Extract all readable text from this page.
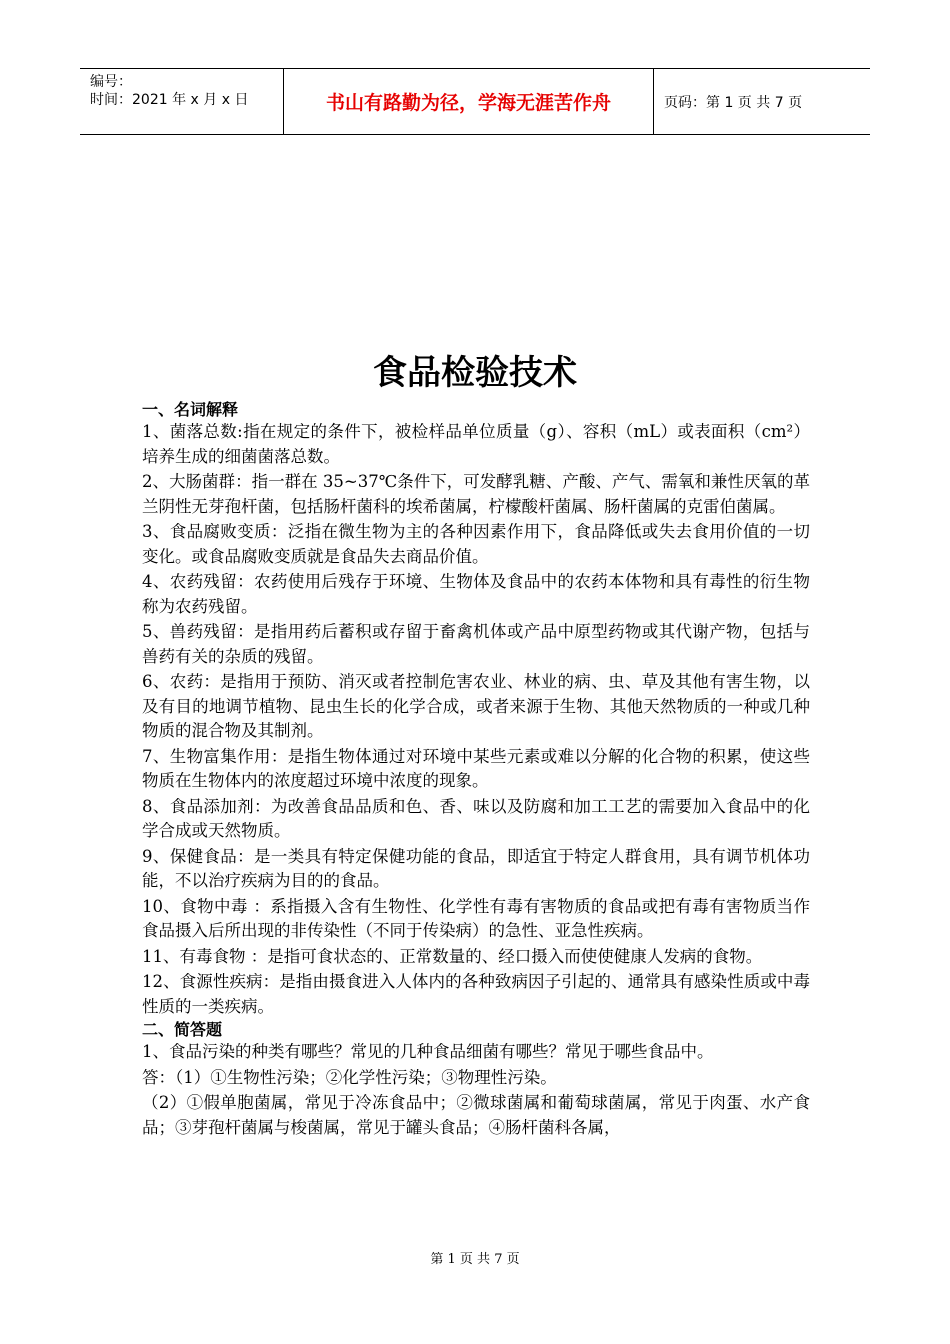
编号：
时间：2021 年 x 月 x 日	书山有路勤为径，学海无涯苦作舟	页码：第 1 页 共 7 页
食品检验技术
一、名词解释

1、菌落总数:指在规定的条件下，被检样品单位质量（g）、容积（mL）或表面积（cm²）培养生成的细菌菌落总数。

2、大肠菌群：指一群在 35~37℃条件下，可发酵乳糖、产酸、产气、需氧和兼性厌氧的革兰阴性无芽孢杆菌，包括肠杆菌科的埃希菌属，柠檬酸杆菌属、肠杆菌属的克雷伯菌属。

3、食品腐败变质：泛指在微生物为主的各种因素作用下，食品降低或失去食用价值的一切变化。或食品腐败变质就是食品失去商品价值。

4、农药残留：农药使用后残存于环境、生物体及食品中的农药本体物和具有毒性的衍生物称为农药残留。

5、兽药残留：是指用药后蓄积或存留于畜禽机体或产品中原型药物或其代谢产物，包括与兽药有关的杂质的残留。

6、农药：是指用于预防、消灭或者控制危害农业、林业的病、虫、草及其他有害生物，以及有目的地调节植物、昆虫生长的化学合成，或者来源于生物、其他天然物质的一种或几种物质的混合物及其制剂。

7、生物富集作用：是指生物体通过对环境中某些元素或难以分解的化合物的积累，使这些物质在生物体内的浓度超过环境中浓度的现象。

8、食品添加剂：为改善食品品质和色、香、味以及防腐和加工工艺的需要加入食品中的化学合成或天然物质。

9、保健食品：是一类具有特定保健功能的食品，即适宜于特定人群食用，具有调节机体功能，不以治疗疾病为目的的食品。

10、食物中毒 ：系指摄入含有生物性、化学性有毒有害物质的食品或把有毒有害物质当作食品摄入后所出现的非传染性（不同于传染病）的急性、亚急性疾病。

11、有毒食物 ：是指可食状态的、正常数量的、经口摄入而使使健康人发病的食物。

12、食源性疾病：是指由摄食进入人体内的各种致病因子引起的、通常具有感染性质或中毒性质的一类疾病。

二、简答题

1、食品污染的种类有哪些？常见的几种食品细菌有哪些？常见于哪些食品中。

答：（1）①生物性污染；②化学性污染；③物理性污染。

（2）①假单胞菌属，常见于冷冻食品中；②微球菌属和葡萄球菌属，常见于肉蛋、水产食品；③芽孢杆菌属与梭菌属，常见于罐头食品；④肠杆菌科各属，

第 1 页 共 7 页
